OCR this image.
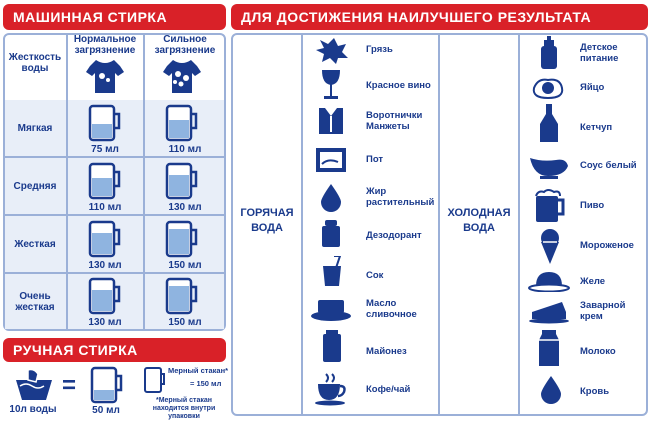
МАШИННАЯ СТИРКА
Жесткость воды
Нормальное загрязнение
Сильное загрязнение
Мягкая
75 мл	110 мл
Средняя
110 мл	130 мл
Жесткая
130 мл	150 мл
Очень жесткая
130 мл	150 мл
РУЧНАЯ СТИРКА
10л воды
=
50 мл
Мерный стакан*
= 150 мл
*Мерный стакан находится внутри упаковки
ДЛЯ ДОСТИЖЕНИЯ НАИЛУЧШЕГО РЕЗУЛЬТАТА
ГОРЯЧАЯ ВОДА
ХОЛОДНАЯ ВОДА
Грязь
Красное вино
Воротнички Манжеты
Пот
Жир растительный
Дезодорант
Сок
Масло сливочное
Майонез
Кофе/чай
Детское питание
Яйцо
Кетчуп
Соус белый
Пиво
Мороженое
Желе
Заварной крем
Молоко
Кровь
